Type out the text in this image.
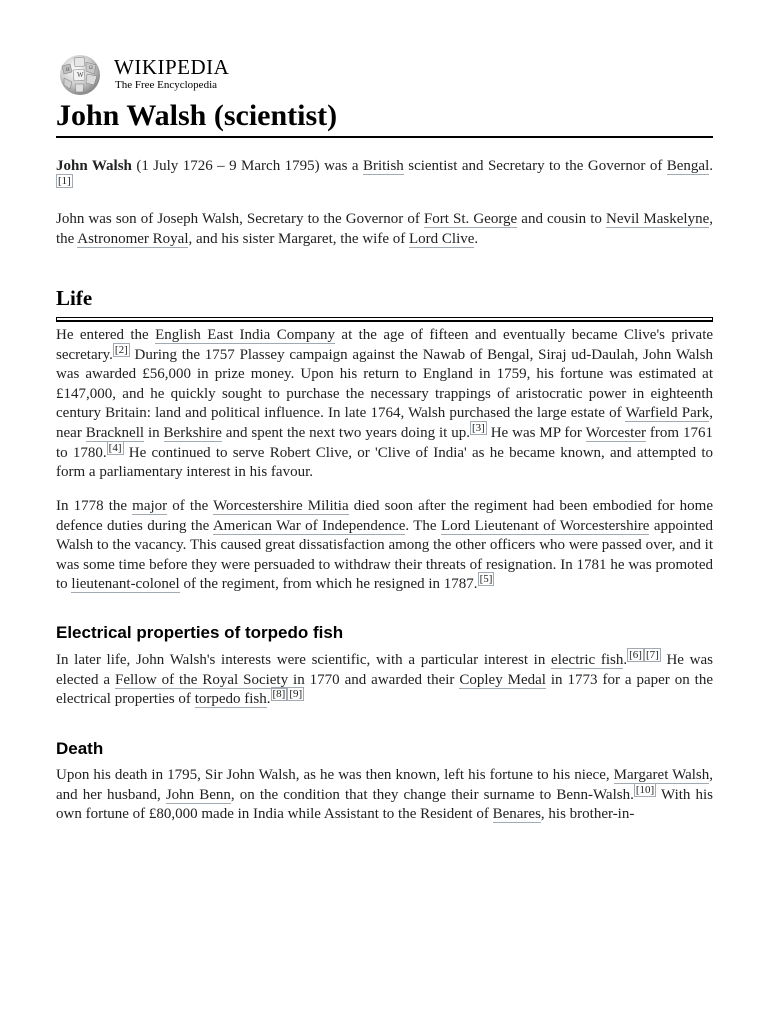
W
Ω
И WIKIPEDIA
The Free Encyclopedia
John Walsh (scientist)

John Walsh (1 July 1726 – 9 March 1795) was a British scientist and Secretary to the Governor of Bengal.[1]

John was son of Joseph Walsh, Secretary to the Governor of Fort St. George and cousin to Nevil Maskelyne, the Astronomer Royal, and his sister Margaret, the wife of Lord Clive.

Life

He entered the English East India Company at the age of fifteen and eventually became Clive's private secretary. [2] During the 1757 Plassey campaign against the Nawab of Bengal, Siraj ud-Daulah, John Walsh was awarded £56,000 in prize money. Upon his return to England in 1759, his fortune was estimated at £147,000, and he quickly sought to purchase the necessary trappings of aristocratic power in eighteenth century Britain: land and political influence. In late 1764, Walsh purchased the large estate of Warfield Park, near Bracknell in Berkshire and spent the next two years doing it up. [3] He was MP for Worcester from 1761 to 1780. [4] He continued to serve Robert Clive, or 'Clive of India' as he became known, and attempted to form a parliamentary interest in his favour.

In 1778 the major of the Worcestershire Militia died soon after the regiment had been embodied for home defence duties during the American War of Independence. The Lord Lieutenant of Worcestershire appointed Walsh to the vacancy. This caused great dissatisfaction among the other officers who were passed over, and it was some time before they were persuaded to withdraw their threats of resignation. In 1781 he was promoted to lieutenant-colonel of the regiment, from which he resigned in 1787. [5]

Electrical properties of torpedo fish

In later life, John Walsh's interests were scientific, with a particular interest in electric fish. [6] [7] He was elected a Fellow of the Royal Society in 1770 and awarded their Copley Medal in 1773 for a paper on the electrical properties of torpedo fish. [8] [9]

Death

Upon his death in 1795, Sir John Walsh, as he was then known, left his fortune to his niece, Margaret Walsh, and her husband, John Benn, on the condition that they change their surname to Benn-Walsh. [10] With his own fortune of £80,000 made in India while Assistant to the Resident of Benares, his brother-in-
